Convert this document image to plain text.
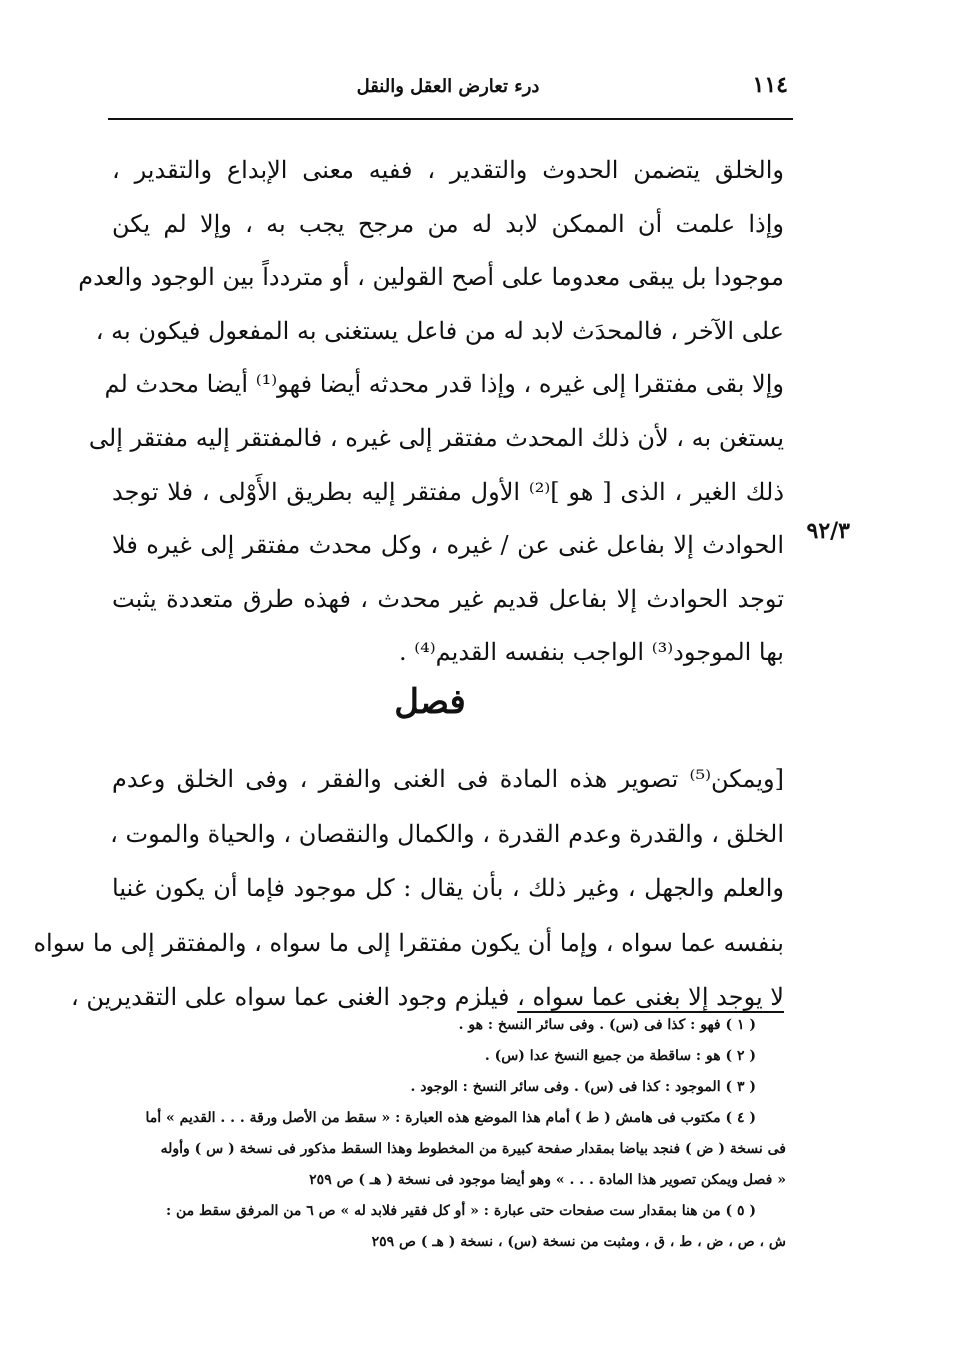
١١٤
درء تعارض العقل والنقل
والخلق يتضمن الحدوث والتقدير ، ففيه معنى الإبداع والتقدير ،
وإذا علمت أن الممكن لابد له من مرجح يجب به ، وإلا لم يكن
موجودا بل يبقى معدوما على أصح القولين ، أو متردداً بين الوجود والعدم
على الآخر ، فالمحدَث لابد له من فاعل يستغنى به المفعول فيكون به ،
وإلا بقى مفتقرا إلى غيره ، وإذا قدر محدثه أيضا فهو⁽¹⁾ أيضا محدث لم
يستغن به ، لأن ذلك المحدث مفتقر إلى غيره ، فالمفتقر إليه مفتقر إلى
ذلك الغير ، الذى [ هو ]⁽²⁾ الأول مفتقر إليه بطريق الأَوْلى ، فلا توجد
الحوادث إلا بفاعل غنى عن / غيره ، وكل محدث مفتقر إلى غيره فلا
توجد الحوادث إلا بفاعل قديم غير محدث ، فهذه طرق متعددة يثبت
بها الموجود⁽³⁾ الواجب بنفسه القديم⁽⁴⁾ .
٩٢/٣
فصل
[ويمكن⁽⁵⁾ تصوير هذه المادة فى الغنى والفقر ، وفى الخلق وعدم
الخلق ، والقدرة وعدم القدرة ، والكمال والنقصان ، والحياة والموت ،
والعلم والجهل ، وغير ذلك ، بأن يقال : كل موجود فإما أن يكون غنيا
بنفسه عما سواه ، وإما أن يكون مفتقرا إلى ما سواه ، والمفتقر إلى ما سواه
لا يوجد إلا بغنى عما سواه ، فيلزم وجود الغنى عما سواه على التقديرين ،
( ١ ) فهو : كذا فى (س) . وفى سائر النسخ : هو .
( ٢ ) هو : ساقطة من جميع النسخ عدا (س) .
( ٣ ) الموجود : كذا فى (س) . وفى سائر النسخ : الوجود .
( ٤ ) مكتوب فى هامش ( ط ) أمام هذا الموضع هذه العبارة : « سقط من الأصل ورقة . . . القديم » أما
فى نسخة ( ض ) فنجد بياضا بمقدار صفحة كبيرة من المخطوط وهذا السقط مذكور فى نسخة ( س ) وأوله
« فصل ويمكن تصوير هذا المادة . . . » وهو أيضا موجود فى نسخة ( هـ ) ص ٢٥٩
( ٥ ) من هنا بمقدار ست صفحات حتى عبارة : « أو كل فقير فلابد له » ص ٦ من المرفق سقط من :
ش ، ص ، ض ، ط ، ق ، ومثبت من نسخة (س) ، نسخة ( هـ ) ص ٢٥٩
